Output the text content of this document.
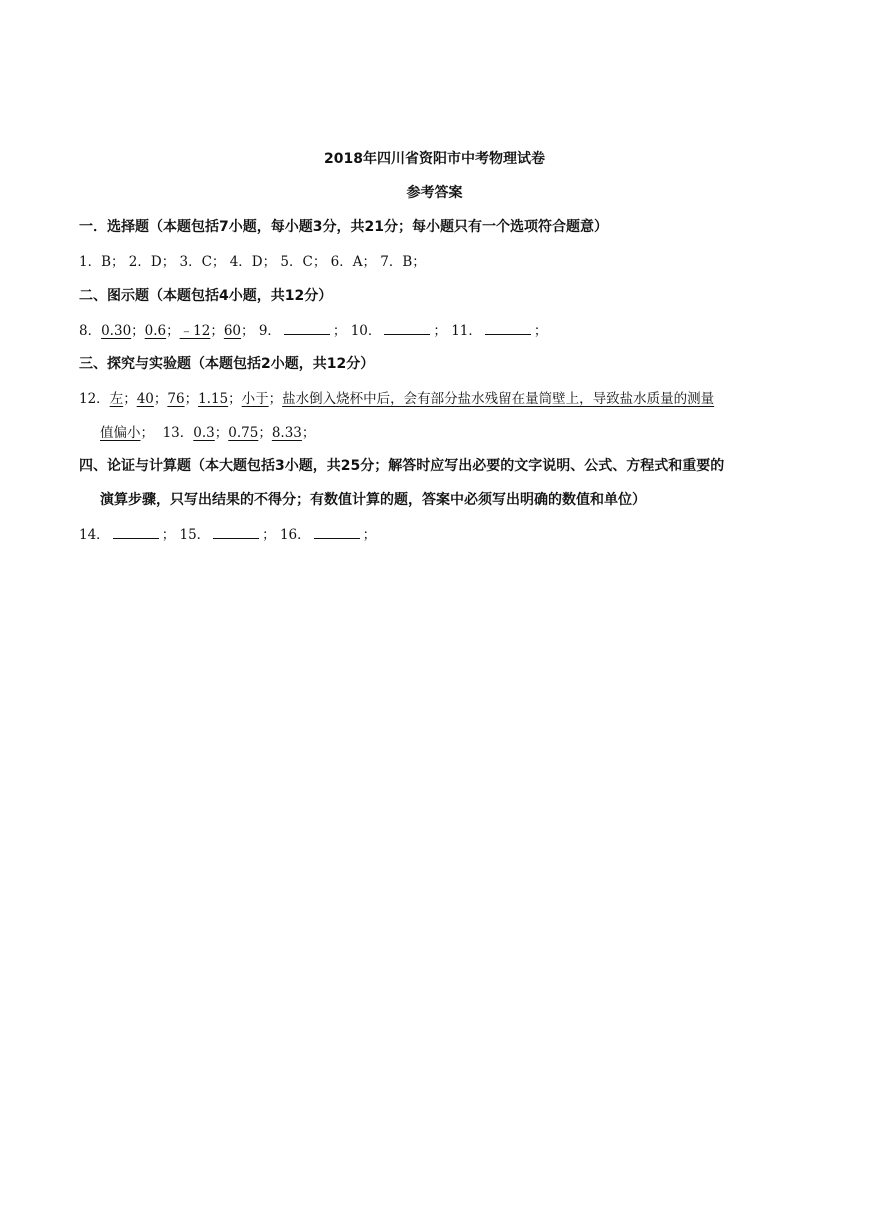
2018年四川省资阳市中考物理试卷
参考答案
一．选择题（本题包括7小题，每小题3分，共21分；每小题只有一个选项符合题意）
1．B； 2．D； 3．C； 4．D； 5．C； 6．A； 7．B；
二、图示题（本题包括4小题，共12分）
8．0.30；0.6；﹣12；60； 9．	； 10．	； 11．	；
三、探究与实验题（本题包括2小题，共12分）
12．左；40；76；1.15；小于；盐水倒入烧杯中后，会有部分盐水残留在量筒壁上，导致盐水质量的测量
值偏小；  13．0.3；0.75；8.33；
四、论证与计算题（本大题包括3小题，共25分；解答时应写出必要的文字说明、公式、方程式和重要的
演算步骤，只写出结果的不得分；有数值计算的题，答案中必须写出明确的数值和单位）
14．	； 15．	； 16．	；
